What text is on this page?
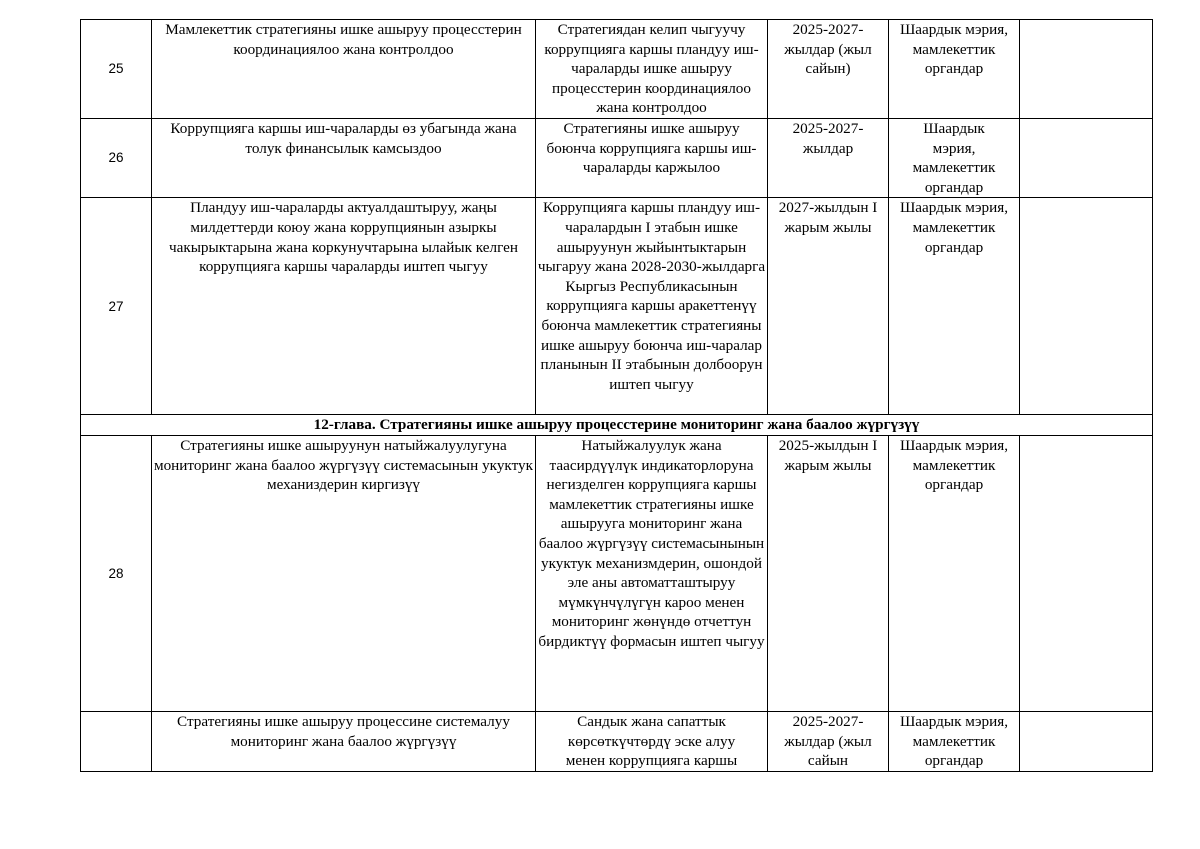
25	Мамлекеттик стратегияны ишке ашыруу процесстерин координациялоо жана контролдоо	Стратегиядан келип чыгуучу коррупцияга каршы пландуу иш-чараларды ишке ашыруу процесстерин координациялоо жана контролдоо	2025-2027-жылдар (жыл сайын)	Шаардык мэрия, мамлекеттик органдар	
26	Коррупцияга каршы иш-чараларды өз убагында жана толук финансылык камсыздоо	Стратегияны ишке ашыруу боюнча коррупцияга каршы иш-чараларды каржылоо	2025-2027-жылдар	Шаардык мэрия, мамлекеттик органдар	
27	Пландуу иш-чараларды актуалдаштыруу, жаңы милдеттерди коюу жана коррупциянын азыркы чакырыктарына жана коркунучтарына ылайык келген коррупцияга каршы чараларды иштеп чыгуу	Коррупцияга каршы пландуу иш-чаралардын I этабын ишке ашыруунун жыйынтыктарын чыгаруу жана 2028-2030-жылдарга Кыргыз Республикасынын коррупцияга каршы аракеттенүү боюнча мамлекеттик стратегияны ишке ашыруу боюнча иш-чаралар планынын II этабынын долбоорун иштеп чыгуу	2027-жылдын I жарым жылы	Шаардык мэрия, мамлекеттик органдар	
12-глава. Стратегияны ишке ашыруу процесстерине мониторинг жана баалоо жүргүзүү					
28	Стратегияны ишке ашыруунун натыйжалуулугуна мониторинг жана баалоо жүргүзүү системасынын укуктук механиздерин киргизүү	Натыйжалуулук жана таасирдүүлүк индикаторлоруна негизделген коррупцияга каршы мамлекеттик стратегияны ишке ашырууга мониторинг жана баалоо жүргүзүү системасынынын укуктук механизмдерин, ошондой эле аны автоматташтыруу мүмкүнчүлүгүн кароо менен мониторинг жөнүндө отчеттун бирдиктүү формасын иштеп чыгуу	2025-жылдын I жарым жылы	Шаардык мэрия, мамлекеттик органдар	
	Стратегияны ишке ашыруу процессине системалуу мониторинг жана баалоо жүргүзүү	Сандык жана сапаттык көрсөткүчтөрдү эске алуу менен коррупцияга каршы	2025-2027-жылдар (жыл сайын	Шаардык мэрия, мамлекеттик органдар	
